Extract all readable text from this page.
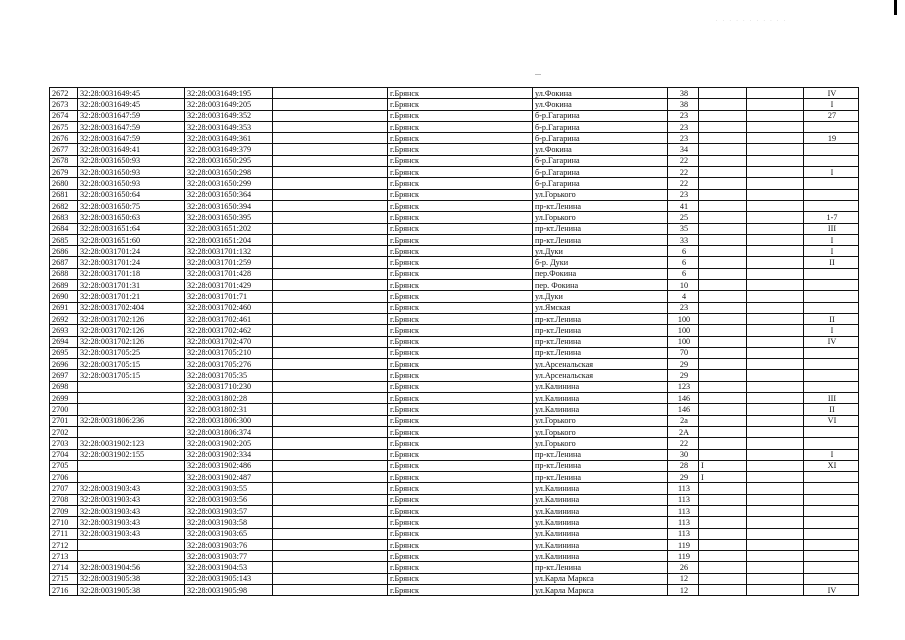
. . . . . . . . . . .
2672	32:28:0031649:45	32:28:0031649:195		г.Брянск	ул.Фокина	38			IV
2673	32:28:0031649:45	32:28:0031649:205		г.Брянск	ул.Фокина	38			I
2674	32:28:0031647:59	32:28:0031649:352		г.Брянск	б-р.Гагарина	23			27
2675	32:28:0031647:59	32:28:0031649:353		г.Брянск	б-р.Гагарина	23			
2676	32:28:0031647:59	32:28:0031649:361		г.Брянск	б-р.Гагарина	23			19
2677	32:28:0031649:41	32:28:0031649:379		г.Брянск	ул.Фокина	34			
2678	32:28:0031650:93	32:28:0031650:295		г.Брянск	б-р.Гагарина	22			
2679	32:28:0031650:93	32:28:0031650:298		г.Брянск	б-р.Гагарина	22			I
2680	32:28:0031650:93	32:28:0031650:299		г.Брянск	б-р.Гагарина	22			
2681	32:28:0031650:64	32:28:0031650:364		г.Брянск	ул.Горького	23			
2682	32:28:0031650:75	32:28:0031650:394		г.Брянск	пр-кт.Ленина	41			
2683	32:28:0031650:63	32:28:0031650:395		г.Брянск	ул.Горького	25			1-7
2684	32:28:0031651:64	32:28:0031651:202		г.Брянск	пр-кт.Ленина	35			III
2685	32:28:0031651:60	32:28:0031651:204		г.Брянск	пр-кт.Ленина	33			I
2686	32:28:0031701:24	32:28:0031701:132		г.Брянск	ул.Дуки	6			I
2687	32:28:0031701:24	32:28:0031701:259		г.Брянск	б-р. Дуки	6			II
2688	32:28:0031701:18	32:28:0031701:428		г.Брянск	пер.Фокина	6			
2689	32:28:0031701:31	32:28:0031701:429		г.Брянск	пер. Фокина	10			
2690	32:28:0031701:21	32:28:0031701:71		г.Брянск	ул.Дуки	4			
2691	32:28:0031702:404	32:28:0031702:460		г.Брянск	ул.Ямская	23			
2692	32:28:0031702:126	32:28:0031702:461		г.Брянск	пр-кт.Ленина	100			II
2693	32:28:0031702:126	32:28:0031702:462		г.Брянск	пр-кт.Ленина	100			I
2694	32:28:0031702:126	32:28:0031702:470		г.Брянск	пр-кт.Ленина	100			IV
2695	32:28:0031705:25	32:28:0031705:210		г.Брянск	пр-кт.Ленина	70			
2696	32:28:0031705:15	32:28:0031705:276		г.Брянск	ул.Арсенальская	29			
2697	32:28:0031705:15	32:28:0031705:35		г.Брянск	ул.Арсенальская	29			
2698		32:28:0031710:230		г.Брянск	ул.Калинина	123			
2699		32:28:0031802:28		г.Брянск	ул.Калинина	146			III
2700		32:28:0031802:31		г.Брянск	ул.Калинина	146			II
2701	32:28:0031806:236	32:28:0031806:300		г.Брянск	ул.Горького	2а			VI
2702		32:28:0031806:374		г.Брянск	ул.Горького	2А			
2703	32:28:0031902:123	32:28:0031902:205		г.Брянск	ул.Горького	22			
2704	32:28:0031902:155	32:28:0031902:334		г.Брянск	пр-кт.Ленина	30			I
2705		32:28:0031902:486		г.Брянск	пр-кт.Ленина	28	I		XI
2706		32:28:0031902:487		г.Брянск	пр-кт.Ленина	29	I		
2707	32:28:0031903:43	32:28:0031903:55		г.Брянск	ул.Калинина	113			
2708	32:28:0031903:43	32:28:0031903:56		г.Брянск	ул.Калинина	113			
2709	32:28:0031903:43	32:28:0031903:57		г.Брянск	ул.Калинина	113			
2710	32:28:0031903:43	32:28:0031903:58		г.Брянск	ул.Калинина	113			
2711	32:28:0031903:43	32:28:0031903:65		г.Брянск	ул.Калинина	113			
2712		32:28:0031903:76		г.Брянск	ул.Калинина	119			
2713		32:28:0031903:77		г.Брянск	ул.Калинина	119			
2714	32:28:0031904:56	32:28:0031904:53		г.Брянск	пр-кт.Ленина	26			
2715	32:28:0031905:38	32:28:0031905:143		г.Брянск	ул.Карла Маркса	12			
2716	32:28:0031905:38	32:28:0031905:98		г.Брянск	ул.Карла Маркса	12			IV
